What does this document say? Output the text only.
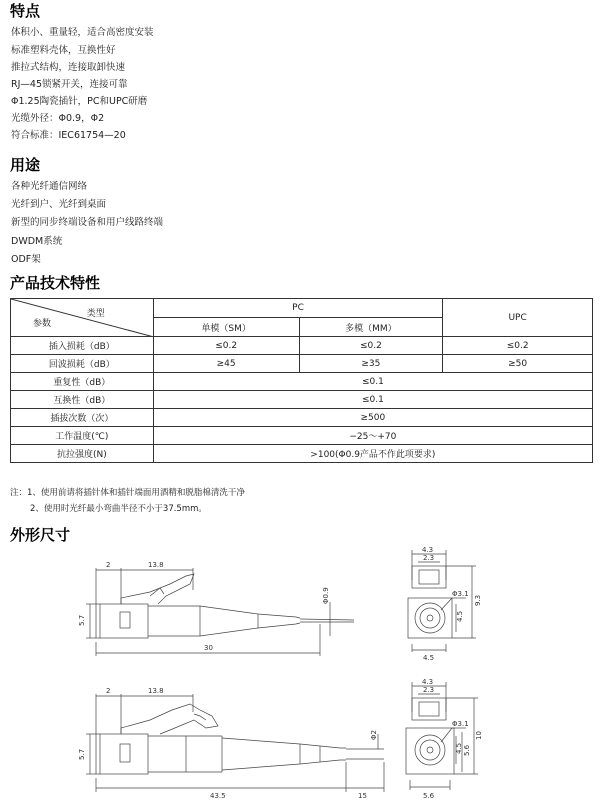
特点
体积小、重量轻，适合高密度安装
标准塑料壳体，互换性好
推拉式结构，连接取卸快速
RJ—45锁紧开关，连接可靠
Φ1.25陶瓷插针，PC和UPC研磨
光缆外径：Φ0.9，Φ2
符合标准：IEC61754—20
用途
各种光纤通信网络
光纤到户、光纤到桌面
新型的同步终端设备和用户线路终端
DWDM系统
ODF架
产品技术特性
类型
参数	PC		UPC
	单模（SM）	多模（MM）	
插入损耗（dB）	≤0.2	≤0.2	≤0.2
回波损耗（dB）	≥45	≥35	≥50
重复性（dB）	≤0.1		
互换性（dB）	≤0.1		
插拔次数（次）	≥500		
工作温度(℃)	−25～+70		
抗拉强度(N)	>100(Φ0.9产品不作此项要求)		
注：1、使用前请将插针体和插针端面用酒精和脱脂棉清洗干净
2、使用时光纤最小弯曲半径不小于37.5mm。
外形尺寸
2	13.8
5.7
30
Φ0.9
2	13.8
5.7
43.5	15
Φ2
4.3
2.3
Φ3.1
4.5
9.3
4.5
4.3
2.3
Φ3.1
4.5 5.6
10
5.6
